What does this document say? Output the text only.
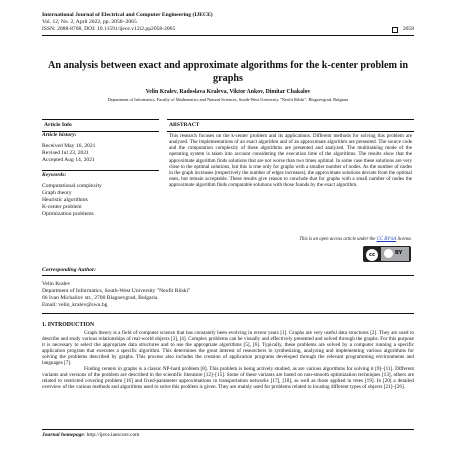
International Journal of Electrical and Computer Engineering (IJECE)
Vol. 12, No. 2, April 2022, pp. 2058~2065
ISSN: 2088-8708, DOI: 10.11591/ijece.v12i2.pp2058-2065	2058
An analysis between exact and approximate algorithms for the k-center problem in graphs
Velin Kralev, Radoslava Kraleva, Viktor Ankov, Dimitar Chakalov
Department of Informatics, Faculty of Mathematics and Natural Sciences, South-West University "Neofit Rilski", Blagoevgrad, Bulgaria
Article Info	ABSTRACT
Article history:
Received May 16, 2021
Revised Jul 23, 2021
Accepted Aug 14, 2021
Keywords:
Computational complexity
Graph theory
Heuristic algorithms
K-center problem
Optimization problems
This research focuses on the k-center problem and its applications. Different methods for solving this problem are analyzed. The implementations of an exact algorithm and of an approximate algorithm are presented. The source code and the computation complexity of these algorithms are presented and analyzed. The multitasking mode of the operating system is taken into account considering the execution time of the algorithms. The results show that the approximate algorithm finds solutions that are not worse than two times optimal. In some case these solutions are very close to the optimal solutions, but this is true only for graphs with a smaller number of nodes. As the number of nodes in the graph increases (respectively the number of edges increases), the approximate solutions deviate from the optimal ones, but remain acceptable. These results give reason to conclude that for graphs with a small number of nodes the approximate algorithm finds comparable solutions with those founds by the exact algorithm.
This is an open access article under the CC BY-SA license.
cc	BY
Corresponding Author:
Velin Kralev
Department of Informatics, South-West University "Neofit Rilski"
66 Ivan Michailov str., 2700 Blagoevgrad, Bulgaria
Email: velin_kralev@swu.bg
1. INTRODUCTION

Graph theory is a field of computer science that has constantly been evolving in recent years [1]. Graphs are very useful data structures [2]. They are used to describe and study various relationships of real-world objects [3], [4]. Complex problems can be visually and effectively presented and solved through the graphs. For this purpose it is necessary to select the appropriate data structures and to use the appropriate algorithms [5], [6]. Typically, these problems are solved by a computer running a specific application program that executes a specific algorithm. This determines the great interest of researchers in synthesizing, analyzing and implementing various algorithms for solving the problems described by graphs. This process also includes the creation of application programs developed through the relevant programming environments and languages [7].

Finding centers in graphs is a classic NP-hard problem [8]. This problem is being actively studied, as are various algorithms for solving it [9]–[11]. Different variants and versions of the problem are described in the scientific literature [12]–[15]. Some of these variants are based on non-smooth optimization techniques [13], others are related to restricted covering problem [16] and fixed-parameter approximations in transportation networks [17], [18], as well as those applied in trees [19]. In [20] a detailed overview of the various methods and algorithms used to solve this problem is given. They are mainly used for problems related to locating different types of objects [21]–[26].

Journal homepage: http://ijece.iaescore.com
